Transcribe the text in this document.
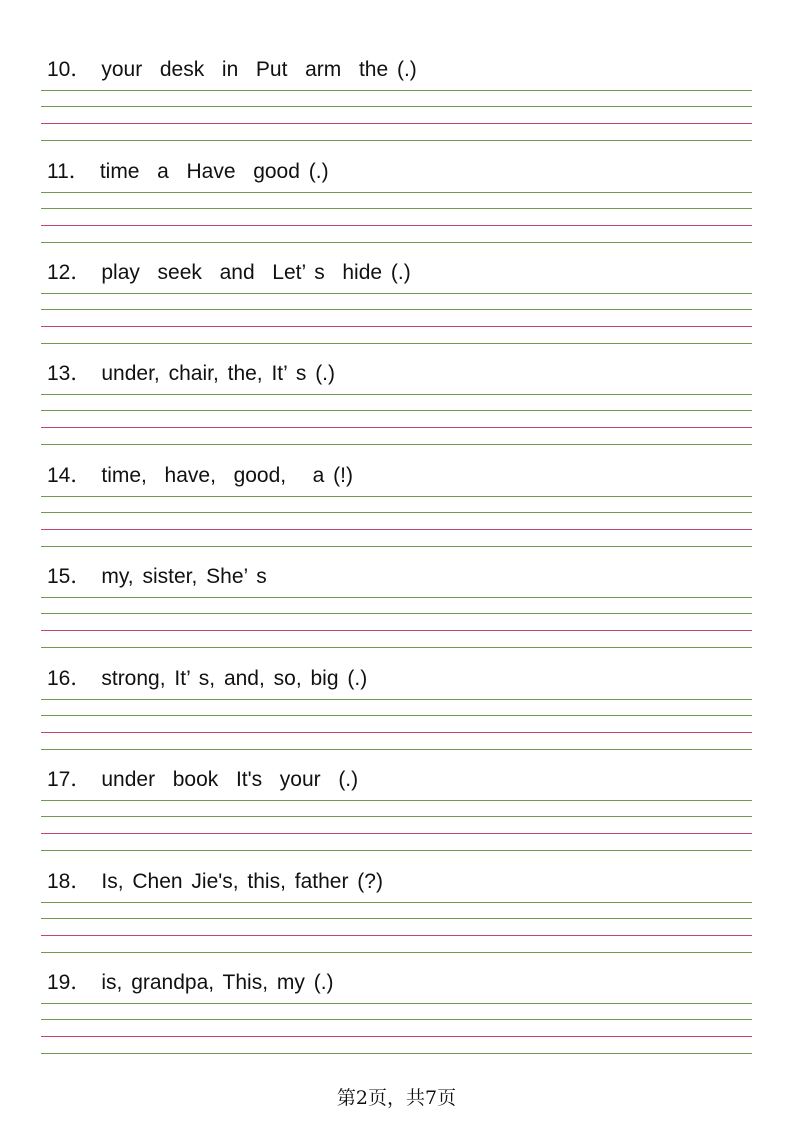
10． your  desk  in  Put  arm  the (.)
11． time  a  Have  good (.)
12． play  seek  and  Let’ s  hide (.)
13． under, chair, the, It’ s (.)
14． time,  have,  good,   a (!)
15． my, sister, She’ s
16． strong, It’ s, and, so, big (.)
17． under  book  It's  your  (.)
18． Is, Chen Jie's, this, father (?)
19． is, grandpa, This, my (.)
第2页，共7页
